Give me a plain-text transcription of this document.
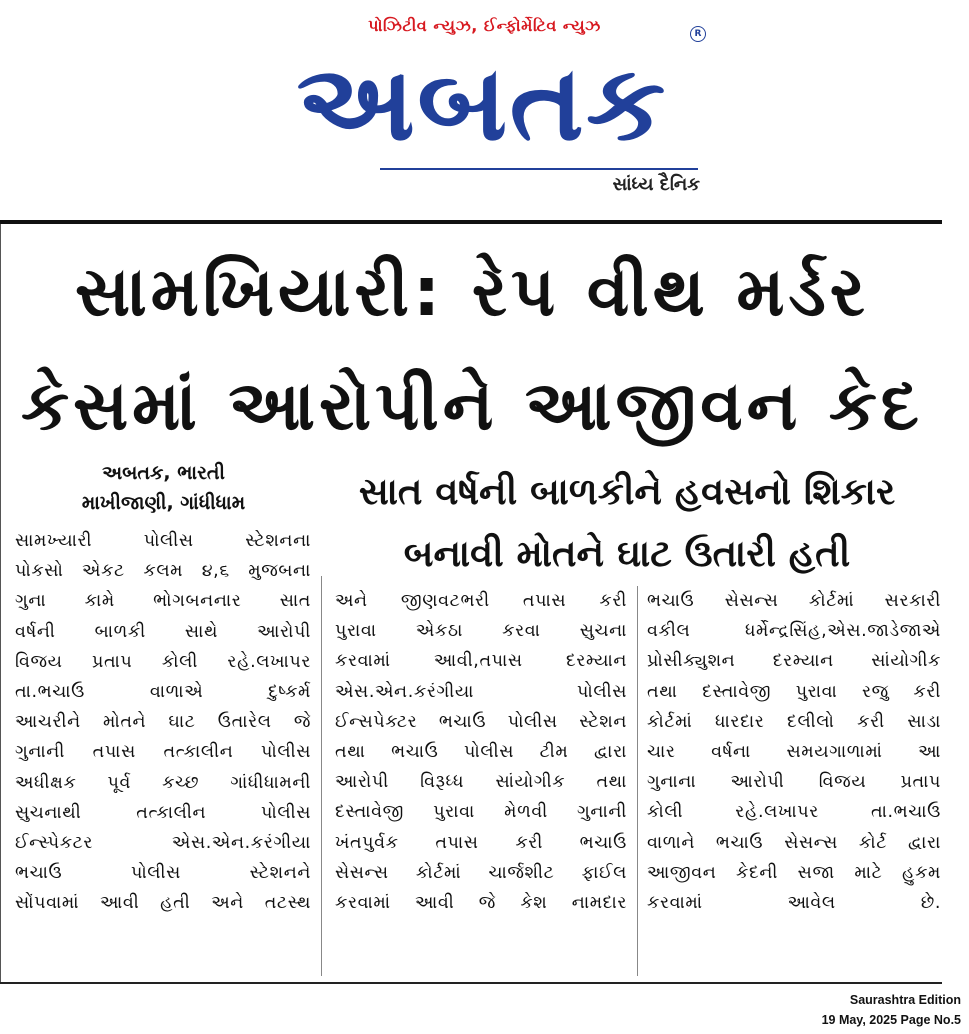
પોઝિટીવ ન્યુઝ, ઈન્ફોર્મેટિવ ન્યુઝ
અબતક
R
સાંધ્ય દૈનિક
સામખિયારી: રેપ વીથ મર્ડર
કેસમાં આરોપીને આજીવન કેદ
અબતક, ભારતી
માખીજાણી, ગાંધીધામ	સાત વર્ષની બાળકીને હવસનો શિકાર
બનાવી મોતને ઘાટ ઉતારી હતી
સામખ્યારી પોલીસ સ્ટેશનના
પોકસો એકટ કલમ ૪,૬ મુજબના
ગુના કામે ભોગબનનાર સાત
વર્ષની બાળકી સાથે આરોપી
વિજય પ્રતાપ કોલી રહે.લખાપર
તા.ભચાઉ વાળાએ દુષ્કર્મ
આચરીને મોતને ઘાટ ઉતારેલ જે
ગુનાની તપાસ તત્કાલીન પોલીસ
અધીક્ષક પૂર્વ કચ્છ ગાંધીધામની
સુચનાથી તત્કાલીન પોલીસ
ઈન્સ્પેકટર એસ.એન.કરંગીયા
ભચાઉ પોલીસ સ્ટેશનને
સોંપવામાં આવી હતી અને તટસ્થ
અને જીણવટભરી તપાસ કરી
પુરાવા એકઠા કરવા સુચના
કરવામાં આવી,તપાસ દરમ્યાન
એસ.એન.કરંગીયા પોલીસ
ઈન્સપેક્ટર ભચાઉ પોલીસ સ્ટેશન
તથા ભચાઉ પોલીસ ટીમ દ્વારા
આરોપી વિરૂધ્ધ સાંયોગીક તથા
દસ્તાવેજી પુરાવા મેળવી ગુનાની
ખંતપુર્વક તપાસ કરી ભચાઉ
સેસન્સ કોર્ટમાં ચાર્જશીટ ફાઈલ
કરવામાં આવી જે કેશ નામદાર
ભચાઉ સેસન્સ કોર્ટમાં સરકારી
વકીલ ધર્મેન્દ્રસિંહ,એસ.જાડેજાએ
પ્રોસીક્યુશન દરમ્યાન સાંયોગીક
તથા દસ્તાવેજી પુરાવા રજુ કરી
કોર્ટમાં ધારદાર દલીલો કરી સાડા
ચાર વર્ષના સમયગાળામાં આ
ગુનાના આરોપી વિજય પ્રતાપ
કોલી રહે.લખાપર તા.ભચાઉ
વાળાને ભચાઉ સેસન્સ કોર્ટ દ્વારા
આજીવન કેદની સજા માટે હુકમ
કરવામાં આવેલ છે.
Saurashtra Edition
19 May, 2025 Page No.5
